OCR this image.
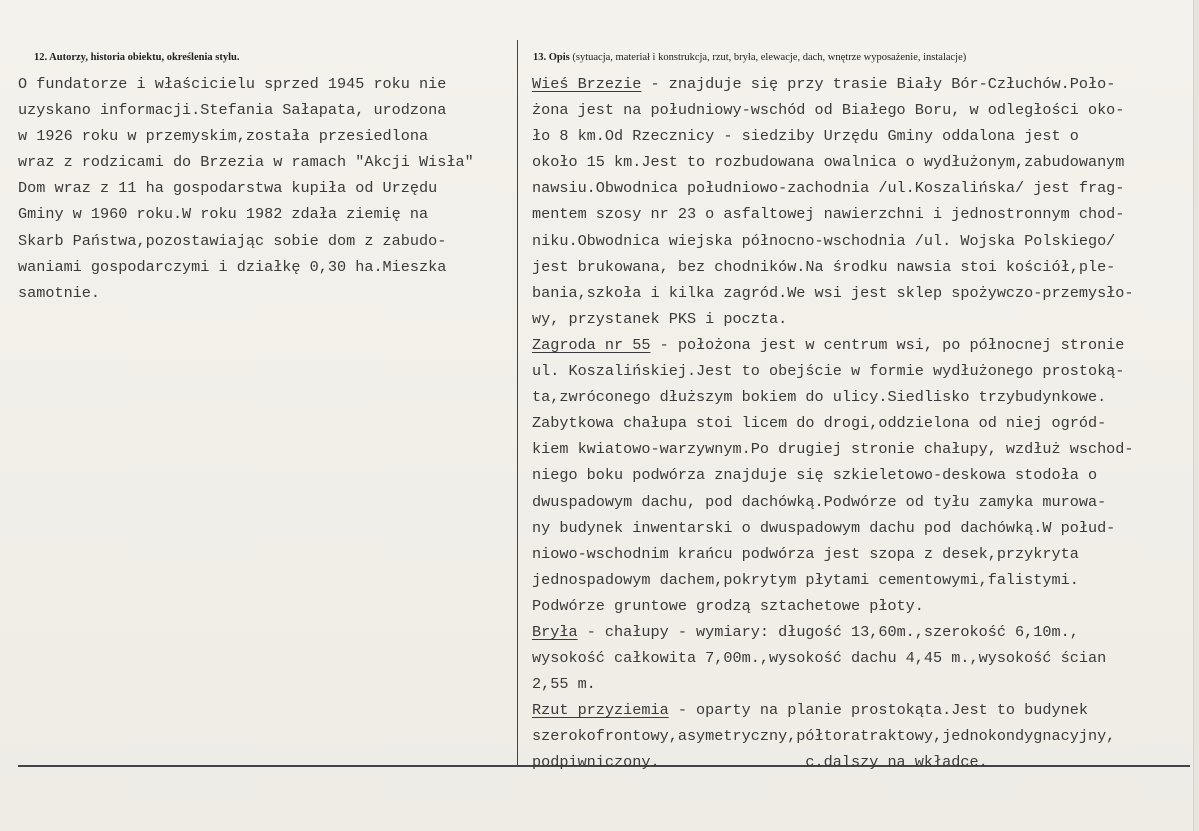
12. Autorzy, historia obiektu, określenia stylu.	13. Opis (sytuacja, materiał i konstrukcja, rzut, bryła, elewacje, dach, wnętrze wyposażenie, instalacje)
O fundatorze i właścicielu sprzed 1945 roku nie
uzyskano informacji.Stefania Sałapata, urodzona
w 1926 roku w przemyskim,została przesiedlona
wraz z rodzicami do Brzezia w ramach "Akcji Wisła"
Dom wraz z 11 ha gospodarstwa kupiła od Urzędu
Gminy w 1960 roku.W roku 1982 zdała ziemię na
Skarb Państwa,pozostawiając sobie dom z zabudo-
waniami gospodarczymi i działkę 0,30 ha.Mieszka
samotnie.
Wieś Brzezie - znajduje się przy trasie Biały Bór-Człuchów.Poło-
żona jest na południowy-wschód od Białego Boru, w odległości oko-
ło 8 km.Od Rzecznicy - siedziby Urzędu Gminy oddalona jest o
około 15 km.Jest to rozbudowana owalnica o wydłużonym,zabudowanym
nawsiu.Obwodnica południowo-zachodnia /ul.Koszalińska/ jest frag-
mentem szosy nr 23 o asfaltowej nawierzchni i jednostronnym chod-
niku.Obwodnica wiejska północno-wschodnia /ul. Wojska Polskiego/
jest brukowana, bez chodników.Na środku nawsia stoi kościół,ple-
bania,szkoła i kilka zagród.We wsi jest sklep spożywczo-przemysło-
wy, przystanek PKS i poczta.
Zagroda nr 55 - położona jest w centrum wsi, po północnej stronie
ul. Koszalińskiej.Jest to obejście w formie wydłużonego prostoką-
ta,zwróconego dłuższym bokiem do ulicy.Siedlisko trzybudynkowe.
Zabytkowa chałupa stoi licem do drogi,oddzielona od niej ogród-
kiem kwiatowo-warzywnym.Po drugiej stronie chałupy, wzdłuż wschod-
niego boku podwórza znajduje się szkieletowo-deskowa stodoła o
dwuspadowym dachu, pod dachówką.Podwórze od tyłu zamyka murowa-
ny budynek inwentarski o dwuspadowym dachu pod dachówką.W połud-
niowo-wschodnim krańcu podwórza jest szopa z desek,przykryta
jednospadowym dachem,pokrytym płytami cementowymi,falistymi.
Podwórze gruntowe grodzą sztachetowe płoty.
Bryła - chałupy - wymiary: długość 13,60m.,szerokość 6,10m.,
wysokość całkowita 7,00m.,wysokość dachu 4,45 m.,wysokość ścian
2,55 m.
Rzut przyziemia - oparty na planie prostokąta.Jest to budynek
szerokofrontowy,asymetryczny,półtoratraktowy,jednokondygnacyjny,
podpiwniczony.                c.dalszy na wkładce.
